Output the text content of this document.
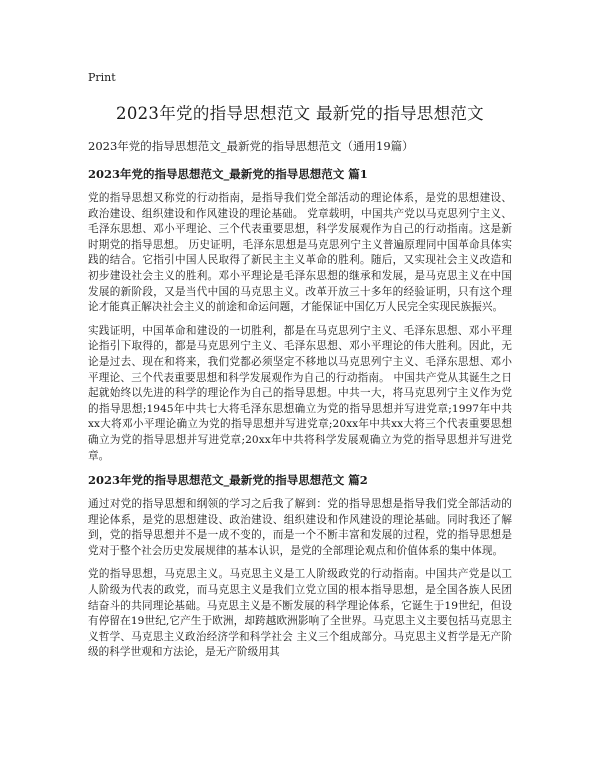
Print
2023年党的指导思想范文 最新党的指导思想范文
2023年党的指导思想范文_最新党的指导思想范文（通用19篇）
2023年党的指导思想范文_最新党的指导思想范文 篇1

党的指导思想又称党的行动指南，是指导我们党全部活动的理论体系，是党的思想建设、政治建设、组织建设和作风建设的理论基础。 党章载明，中国共产党以马克思列宁主义、毛泽东思想、邓小平理论、三个代表重要思想，科学发展观作为自己的行动指南。这是新时期党的指导思想。 历史证明，毛泽东思想是马克思列宁主义普遍原理同中国革命具体实践的结合。它指引中国人民取得了新民主主义革命的胜利。随后，又实现社会主义改造和初步建设社会主义的胜利。邓小平理论是毛泽东思想的继承和发展，是马克思主义在中国发展的新阶段，又是当代中国的马克思主义。改革开放三十多年的经验证明，只有这个理论才能真正解决社会主义的前途和命运问题，才能保证中国亿万人民完全实现民族振兴。

实践证明，中国革命和建设的一切胜利，都是在马克思列宁主义、毛泽东思想、邓小平理论指引下取得的，都是马克思列宁主义、毛泽东思想、邓小平理论的伟大胜利。因此，无论是过去、现在和将来，我们党都必须坚定不移地以马克思列宁主义、毛泽东思想、邓小平理论、三个代表重要思想和科学发展观作为自己的行动指南。 中国共产党从其诞生之日起就始终以先进的科学的理论作为自己的指导思想。中共一大，将马克思列宁主义作为党的指导思想;1945年中共七大将毛泽东思想确立为党的指导思想并写进党章;1997年中共xx大将邓小平理论确立为党的指导思想并写进党章;20xx年中共xx大将三个代表重要思想确立为党的指导思想并写进党章;20xx年中共将科学发展观确立为党的指导思想并写进党章。

2023年党的指导思想范文_最新党的指导思想范文 篇2

通过对党的指导思想和纲领的学习之后我了解到：党的指导思想是指导我们党全部活动的理论体系，是党的思想建设、政治建设、组织建设和作风建设的理论基础。同时我还了解到，党的指导思想并不是一成不变的，而是一个不断丰富和发展的过程，党的指导思想是党对于整个社会历史发展规律的基本认识，是党的全部理论观点和价值体系的集中体现。

党的指导思想，马克思主义。马克思主义是工人阶级政党的行动指南。中国共产党是以工人阶级为代表的政党，而马克思主义是我们立党立国的根本指导思想，是全国各族人民团结奋斗的共同理论基础。马克思主义是不断发展的科学理论体系，它诞生于19世纪，但设有停留在19世纪,它产生于欧洲，却跨越欧洲影响了全世界。马克思主义主要包括马克思主义哲学、马克思主义政治经济学和科学社会 主义三个组成部分。马克思主义哲学是无产阶级的科学世观和方法论，是无产阶级用其
